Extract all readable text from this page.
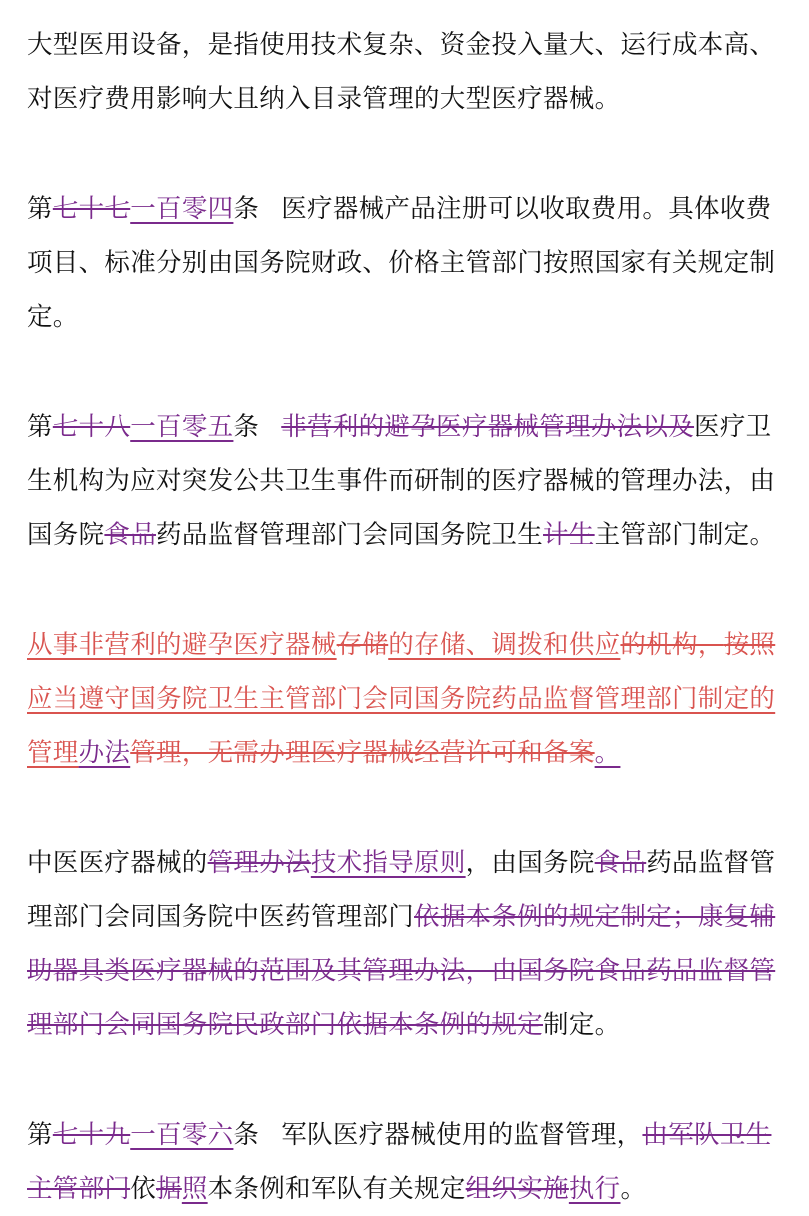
大型医用设备，是指使用技术复杂、资金投入量大、运行成本高、对医疗费用影响大且纳入目录管理的大型医疗器械。

第七十七一百零四条 医疗器械产品注册可以收取费用。具体收费项目、标准分别由国务院财政、价格主管部门按照国家有关规定制定。

第七十八一百零五条 非营利的避孕医疗器械管理办法以及医疗卫生机构为应对突发公共卫生事件而研制的医疗器械的管理办法，由国务院食品药品监督管理部门会同国务院卫生计生主管部门制定。

从事非营利的避孕医疗器械存储的存储、调拨和供应的机构，按照应当遵守国务院卫生主管部门会同国务院药品监督管理部门制定的管理办法管理，无需办理医疗器械经营许可和备案。

中医医疗器械的管理办法技术指导原则，由国务院食品药品监督管理部门会同国务院中医药管理部门依据本条例的规定制定；康复辅助器具类医疗器械的范围及其管理办法，由国务院食品药品监督管理部门会同国务院民政部门依据本条例的规定制定。

第七十九一百零六条 军队医疗器械使用的监督管理，由军队卫生主管部门依据照本条例和军队有关规定组织实施执行。
